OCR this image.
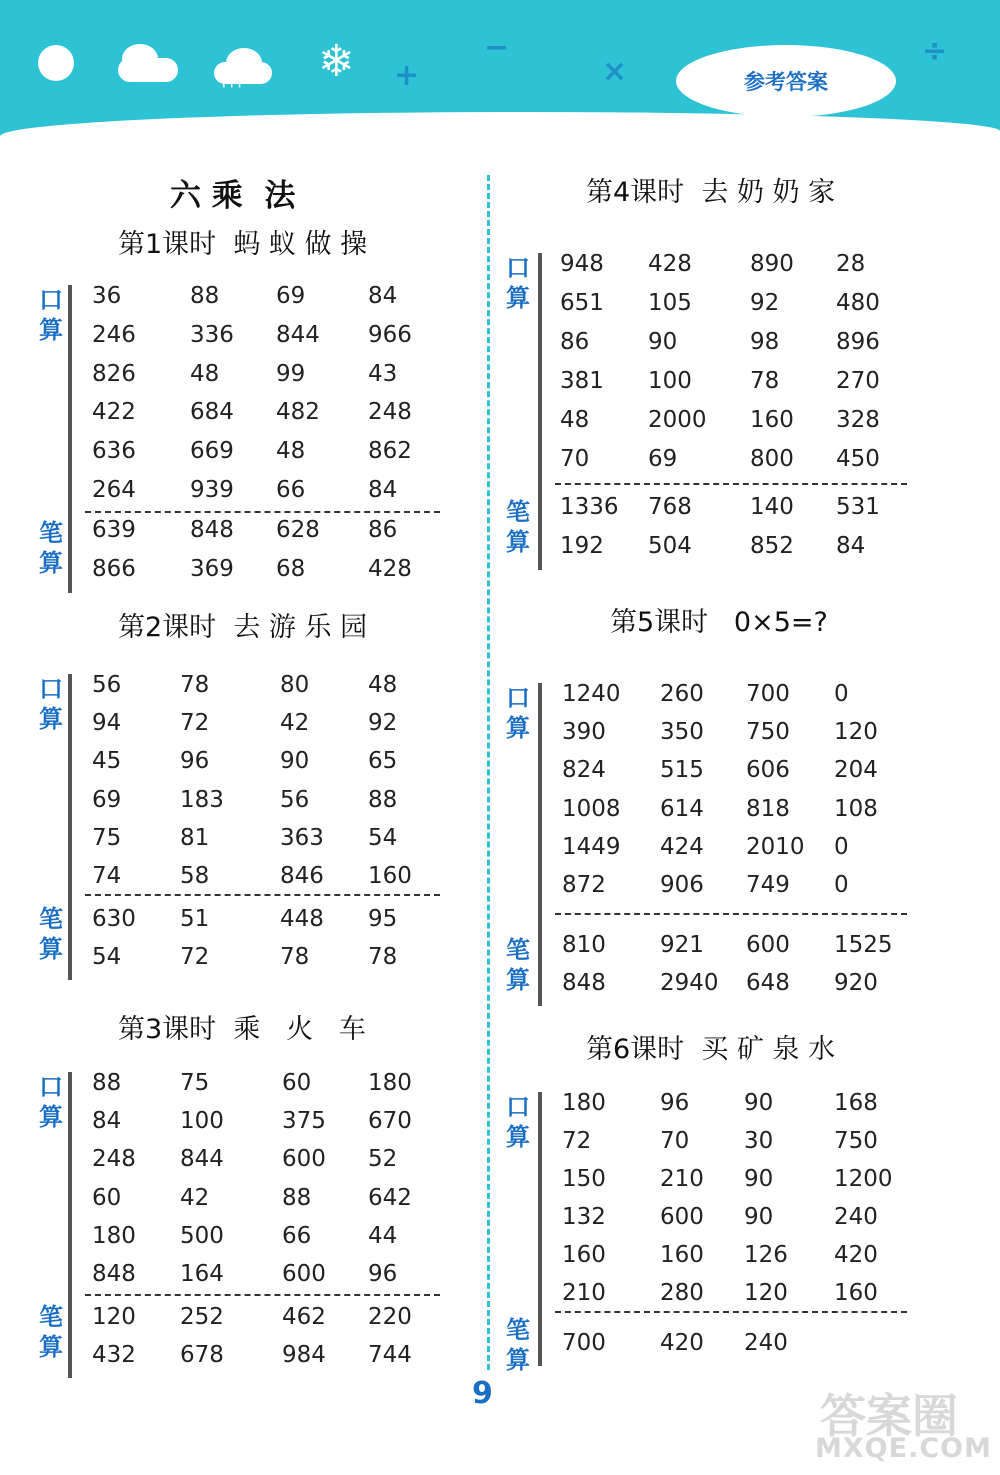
' ' '
❄ +
−
×
÷
参考答案
六 乘  法
第1课时  蚂 蚁 做 操
口
算
笔
算
36	88 69	84
246 336 844 966
826 48 99	43
422 684 482 248
636 669 48	862
264 939 66	84
639 848 628 86
866 369 68	428
第2课时  去 游 乐 园
口
算
笔
算
56	78	80	48
94	72	42	92
45	96	90	65
69	183 56	88
75	81	363 54
74	58	846 160
630 51	448 95
54	72	78	78
第3课时  乘   火   车
口
算
笔
算
88	75	60 180
84	100	375 670
248 844	600 52
60	42	88 642
180 500	66 44
848 164	600 96
120 252	462 220
432 678	984 744
第4课时  去 奶 奶 家
口
算
笔
算
948 428	890 28
651 105	92 480
86	90	98 896
381 100	78 270
48	2000 160 328
70	69	800 450
1336 768	140 531
192 504	852 84
第5课时   0×5=?
口
算
笔
算
1240 260 700 0
390 350 750 120
824 515 606 204
1008 614 818 108
1449 424 2010 0
872 906 749 0
810 921 600 1525
848 2940 648 920
第6课时  买 矿 泉 水
口
算
笔
算
180 96 90	168
72	70 30	750
150 210 90	1200
132 600 90	240
160 160 126 420
210 280 120 160
700 420 240
9	答案圈
MXQE.COM
